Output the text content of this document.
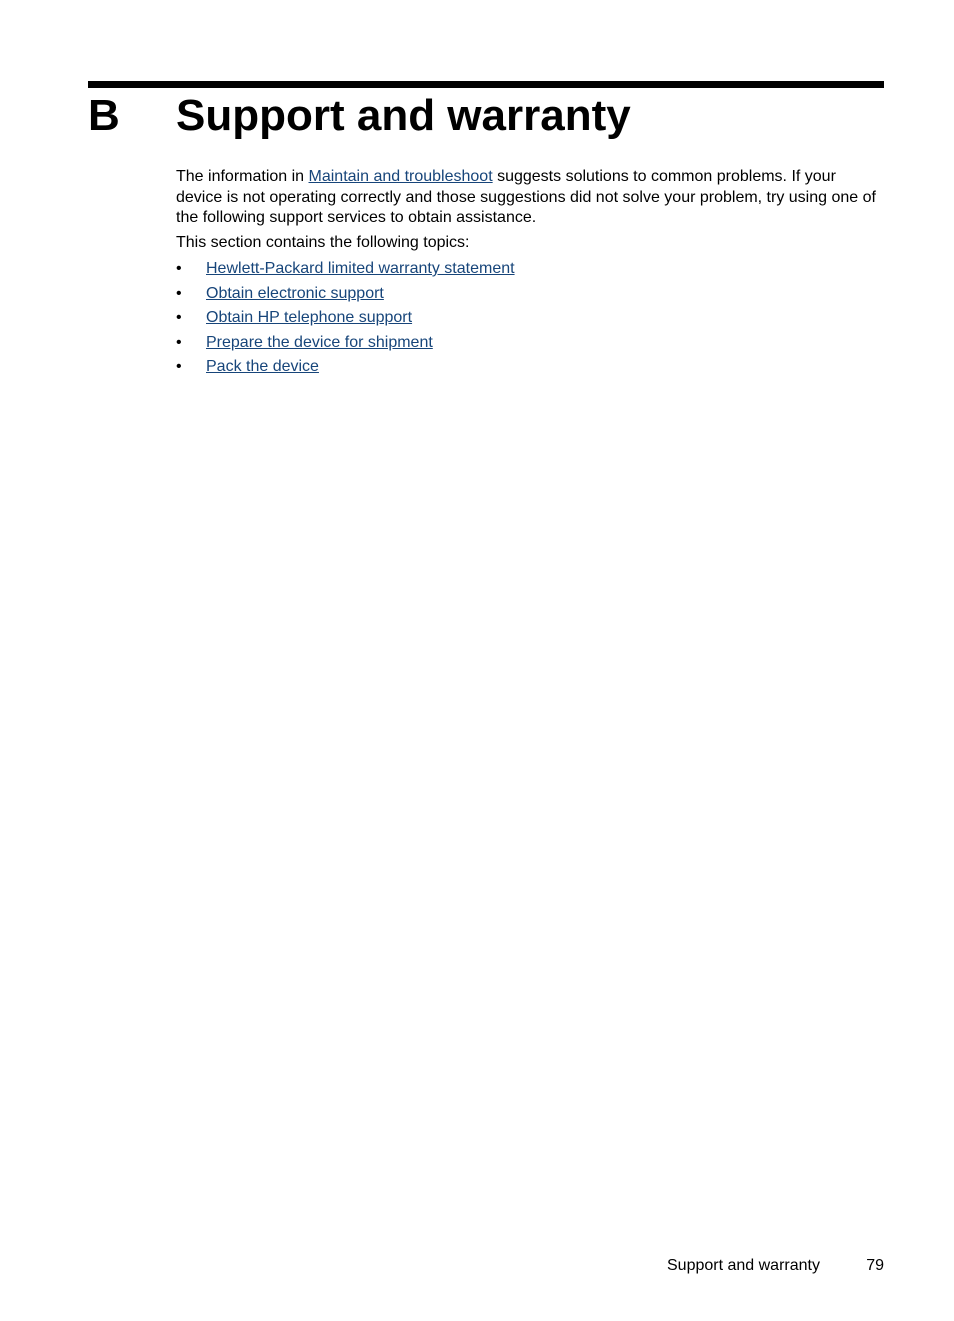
B Support and warranty

The information in Maintain and troubleshoot suggests solutions to common problems. If your device is not operating correctly and those suggestions did not solve your problem, try using one of the following support services to obtain assistance.

This section contains the following topics:

• Hewlett-Packard limited warranty statement
• Obtain electronic support
• Obtain HP telephone support
• Prepare the device for shipment
• Pack the device
Support and warranty	79
